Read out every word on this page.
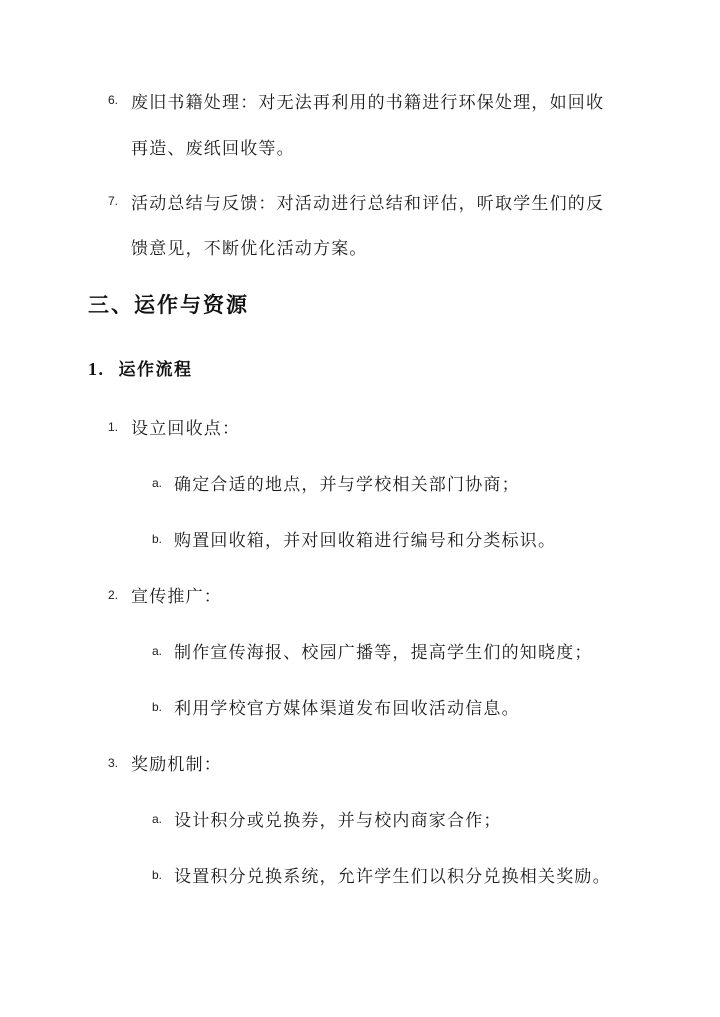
6. 废旧书籍处理：对无法再利用的书籍进行环保处理，如回收
再造、废纸回收等。
7. 活动总结与反馈：对活动进行总结和评估，听取学生们的反
馈意见，不断优化活动方案。
三、运作与资源
1. 运作流程
1. 设立回收点：
a. 确定合适的地点，并与学校相关部门协商；
b. 购置回收箱，并对回收箱进行编号和分类标识。
2. 宣传推广：
a. 制作宣传海报、校园广播等，提高学生们的知晓度；
b. 利用学校官方媒体渠道发布回收活动信息。
3. 奖励机制：
a. 设计积分或兑换券，并与校内商家合作；
b. 设置积分兑换系统，允许学生们以积分兑换相关奖励。
